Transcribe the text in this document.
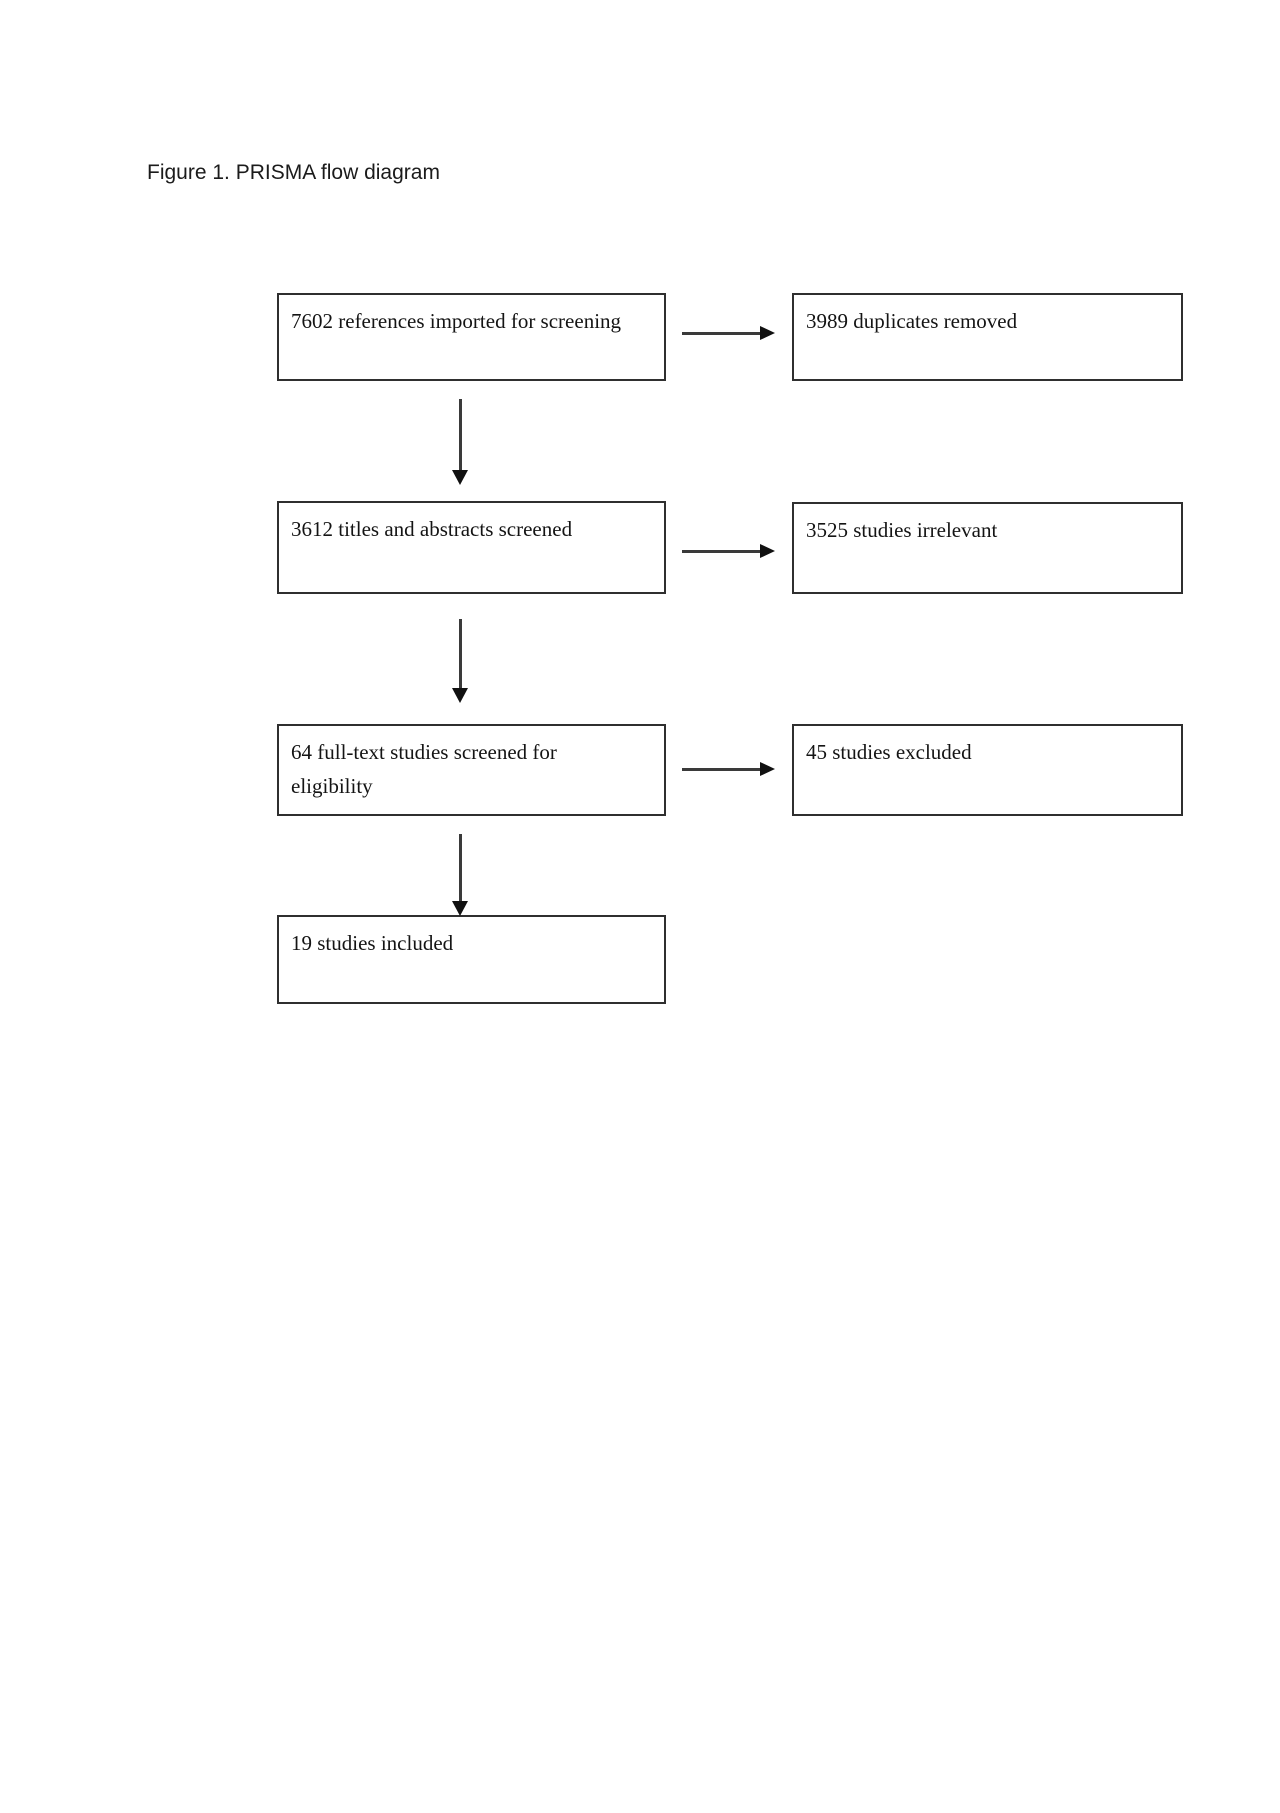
Figure 1. PRISMA flow diagram
7602 references imported for screening	3989 duplicates removed
3612 titles and abstracts screened	3525 studies irrelevant
64 full-text studies screened for eligibility
45 studies excluded
19 studies included
